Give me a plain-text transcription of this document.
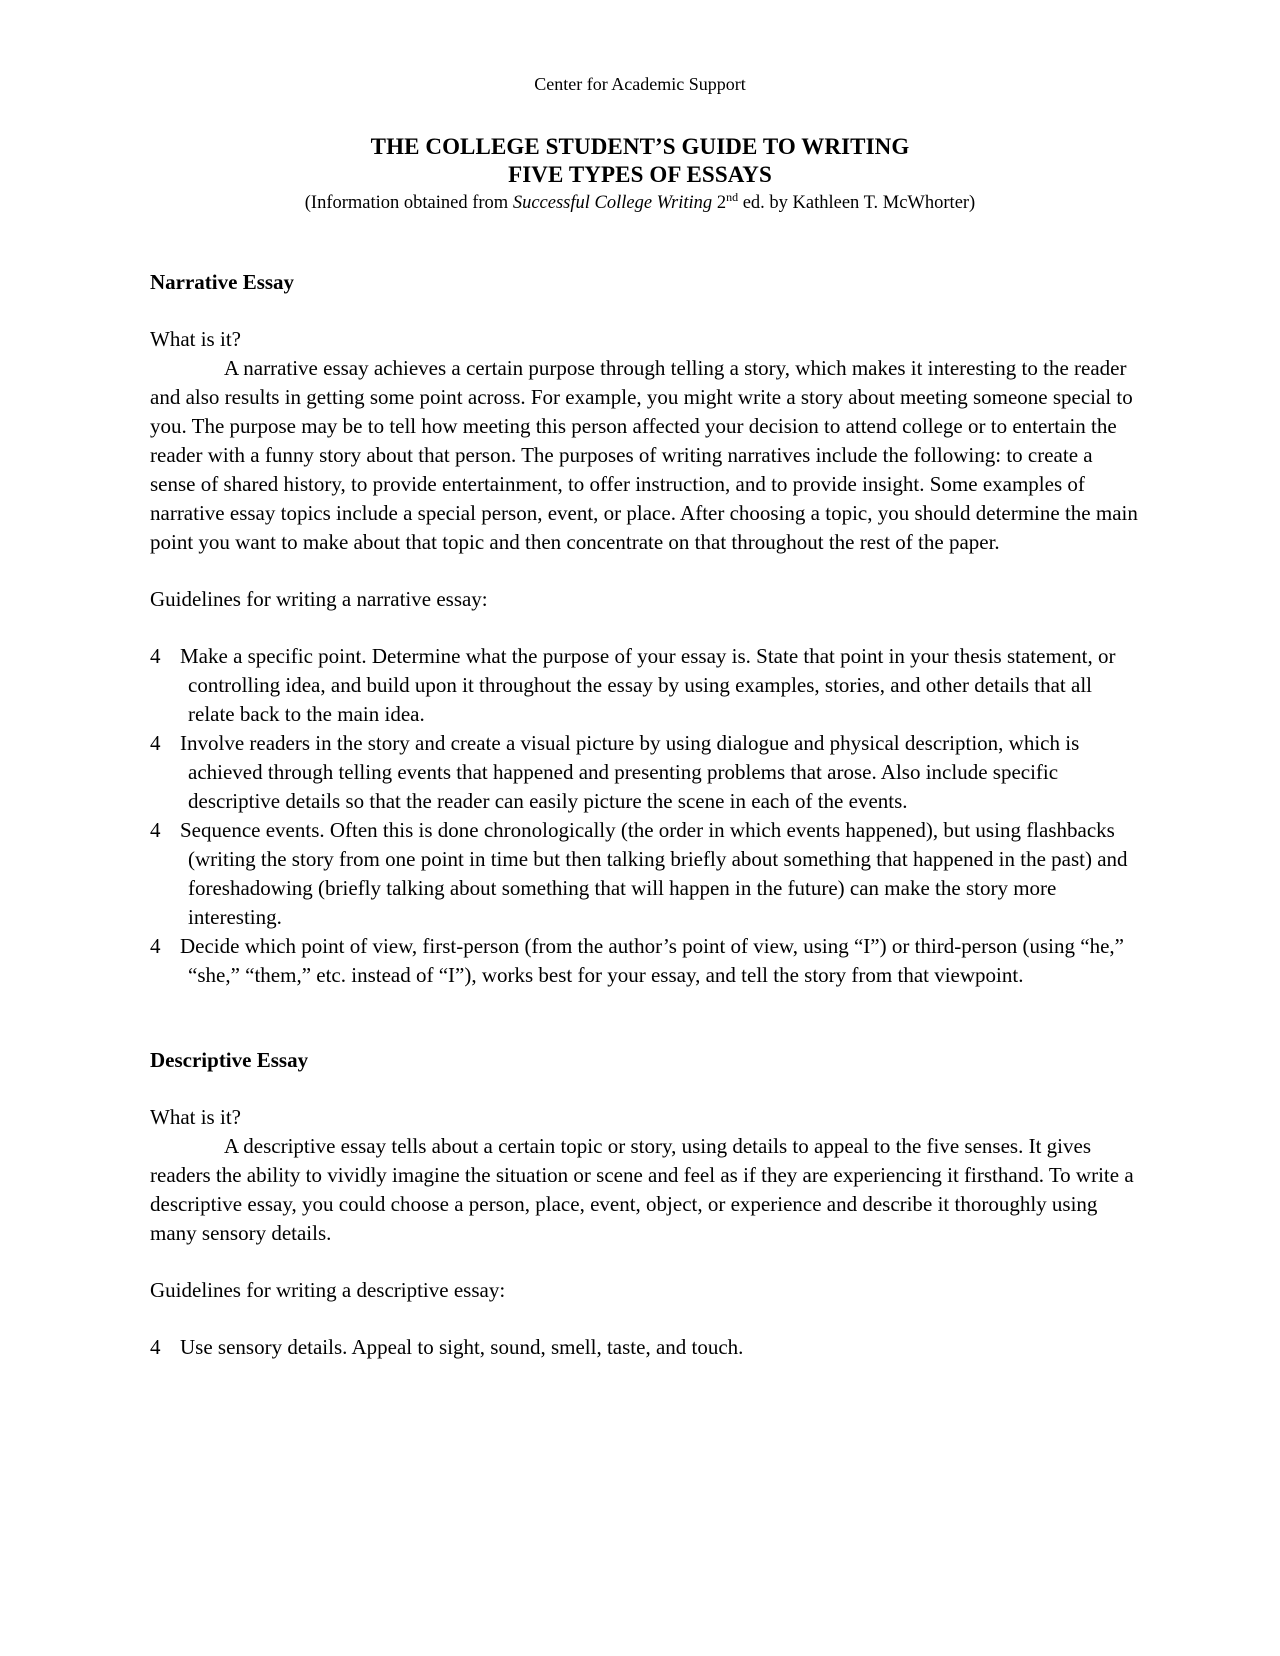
Center for Academic Support
THE COLLEGE STUDENT’S GUIDE TO WRITING
FIVE TYPES OF ESSAYS
(Information obtained from Successful College Writing 2nd ed. by Kathleen T. McWhorter)

Narrative Essay

What is it?

A narrative essay achieves a certain purpose through telling a story, which makes it interesting to the reader and also results in getting some point across. For example, you might write a story about meeting someone special to you. The purpose may be to tell how meeting this person affected your decision to attend college or to entertain the reader with a funny story about that person. The purposes of writing narratives include the following: to create a sense of shared history, to provide entertainment, to offer instruction, and to provide insight. Some examples of narrative essay topics include a special person, event, or place. After choosing a topic, you should determine the main point you want to make about that topic and then concentrate on that throughout the rest of the paper.

Guidelines for writing a narrative essay:

4 Make a specific point. Determine what the purpose of your essay is. State that point in your thesis statement, or controlling idea, and build upon it throughout the essay by using examples, stories, and other details that all relate back to the main idea.
4 Involve readers in the story and create a visual picture by using dialogue and physical description, which is achieved through telling events that happened and presenting problems that arose. Also include specific descriptive details so that the reader can easily picture the scene in each of the events.
4 Sequence events. Often this is done chronologically (the order in which events happened), but using flashbacks (writing the story from one point in time but then talking briefly about something that happened in the past) and foreshadowing (briefly talking about something that will happen in the future) can make the story more interesting.
4 Decide which point of view, first-person (from the author’s point of view, using “I”) or third-person (using “he,” “she,” “them,” etc. instead of “I”), works best for your essay, and tell the story from that viewpoint.

Descriptive Essay

What is it?

A descriptive essay tells about a certain topic or story, using details to appeal to the five senses. It gives readers the ability to vividly imagine the situation or scene and feel as if they are experiencing it firsthand. To write a descriptive essay, you could choose a person, place, event, object, or experience and describe it thoroughly using many sensory details.

Guidelines for writing a descriptive essay:

4 Use sensory details. Appeal to sight, sound, smell, taste, and touch.
